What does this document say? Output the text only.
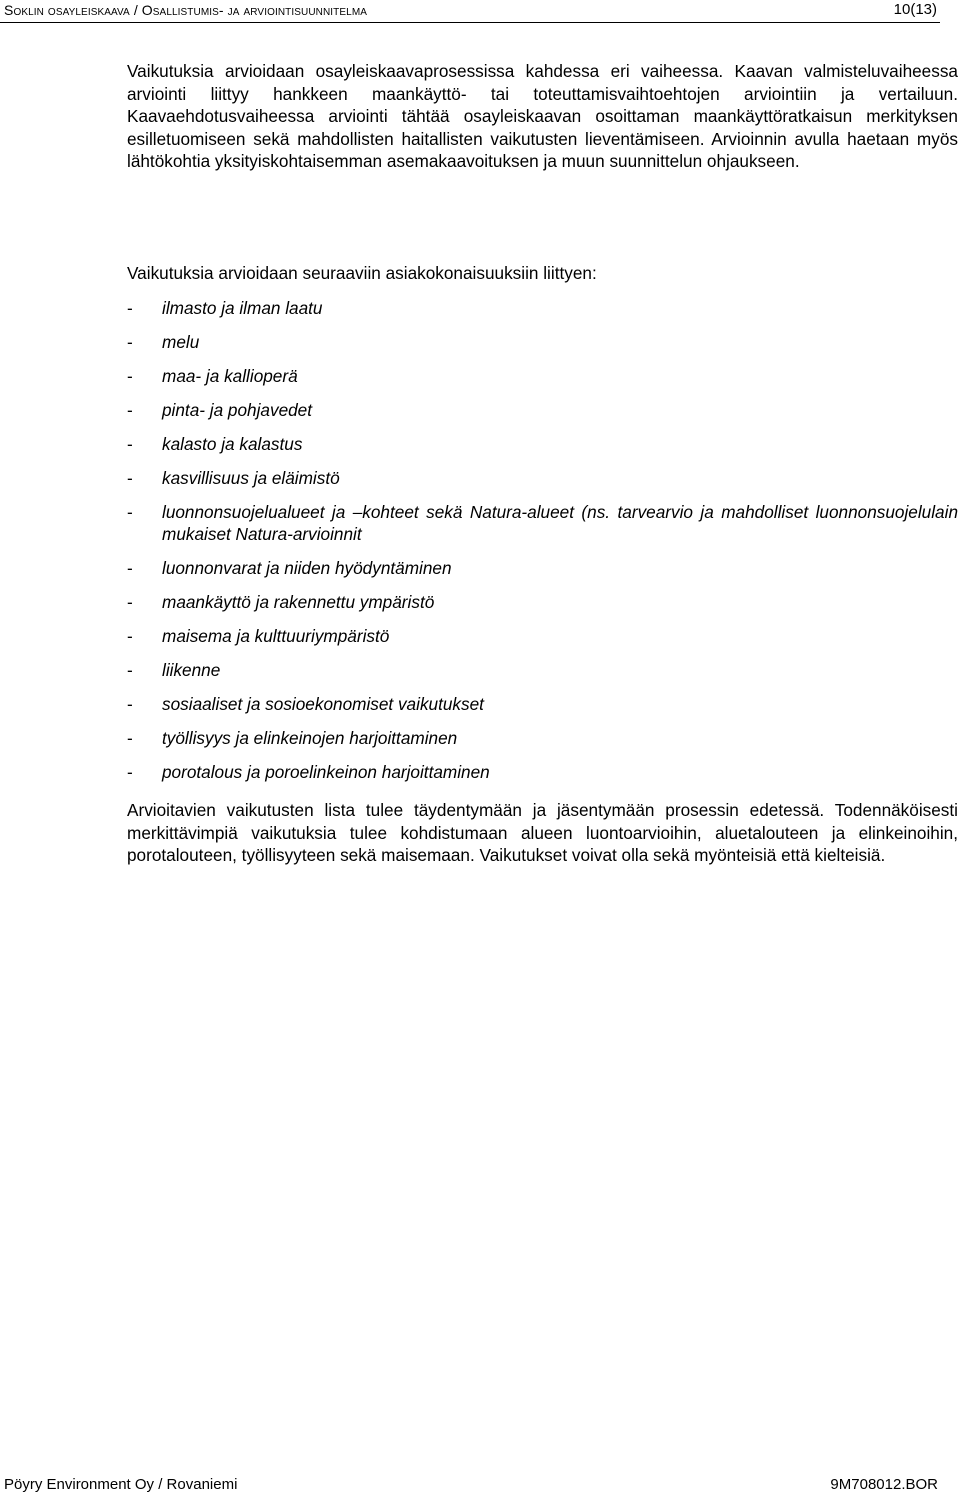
Soklin osayleiskaava / Osallistumis- ja arviointisuunnitelma	10(13)

Vaikutuksia arvioidaan osayleiskaavaprosessissa kahdessa eri vaiheessa. Kaavan valmisteluvaiheessa arviointi liittyy hankkeen maankäyttö- tai toteuttamisvaihtoehtojen arviointiin ja vertailuun. Kaavaehdotusvaiheessa arviointi tähtää osayleiskaavan osoittaman maankäyttöratkaisun merkityksen esilletuomiseen sekä mahdollisten haitallisten vaikutusten lieventämiseen. Arvioinnin avulla haetaan myös lähtökohtia yksityiskohtaisemman asemakaavoituksen ja muun suunnittelun ohjaukseen.

Vaikutuksia arvioidaan seuraaviin asiakokonaisuuksiin liittyen:
- ilmasto ja ilman laatu
- melu
- maa- ja kallioperä
- pinta- ja pohjavedet
- kalasto ja kalastus
- kasvillisuus ja eläimistö
- luonnonsuojelualueet ja –kohteet sekä Natura-alueet (ns. tarvearvio ja mahdolliset luonnonsuojelulain mukaiset Natura-arvioinnit
- luonnonvarat ja niiden hyödyntäminen
- maankäyttö ja rakennettu ympäristö
- maisema ja kulttuuriympäristö
- liikenne
- sosiaaliset ja sosioekonomiset vaikutukset
- työllisyys ja elinkeinojen harjoittaminen
- porotalous ja poroelinkeinon harjoittaminen

Arvioitavien vaikutusten lista tulee täydentymään ja jäsentymään prosessin edetessä. Todennäköisesti merkittävimpiä vaikutuksia tulee kohdistumaan alueen luontoarvioihin, aluetalouteen ja elinkeinoihin, porotalouteen, työllisyyteen sekä maisemaan. Vaikutukset voivat olla sekä myönteisiä että kielteisiä.

Pöyry Environment Oy / Rovaniemi	9M708012.BOR
